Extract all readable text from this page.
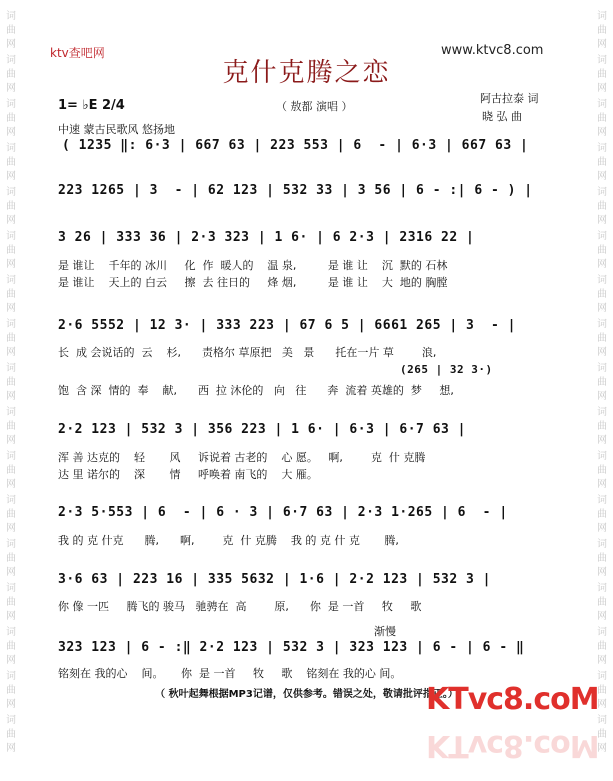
词曲网
词曲网
词曲网
词曲网
词曲网
词曲网
词曲网
词曲网
词曲网
词曲网
词曲网
词曲网
词曲网
词曲网
词曲网
词曲网
词曲网
词曲网
词曲网
词曲网
词曲网
词曲网
词曲网
词曲网
词曲网
词曲网
词曲网
词曲网
词曲网
词曲网
词曲网
词曲网
词曲网
词曲网
ktv查吧网	www.ktvc8.com
克什克腾之恋
（ 敖都 演唱 ）
1= ♭E 2/4
中速 蒙古民歌风 悠扬地
阿古拉泰 词
晓 弘 曲
( 1235 ‖: 6·3 | 667 63 | 223 553 | 6  - | 6·3 | 667 63 |
223 1265 | 3  - | 62 123 | 532 33 | 3 56 | 6 - :| 6 - ) |
3 26 | 333 36 | 2·3 323 | 1 6· | 6 2·3 | 2316 22 |
是 谁让    千年的 冰川     化  作  暖人的    温 泉,         是 谁 让    沉  默的 石林
是 谁让    天上的 白云     擦  去 往日的     烽 烟,         是 谁 让    大  地的 胸膛
2·6 5552 | 12 3· | 333 223 | 67 6 5 | 6661 265 | 3  - |
长  成 会说话的  云    杉,      责格尔 草原把   美   景      托在一片 草        浪,
(265 | 32 3·)
饱  含 深  情的  奉    献,      西  拉 沐伦的   向   往      奔  流着 英雄的  梦     想,
2·2 123 | 532 3 | 356 223 | 1 6· | 6·3 | 6·7 63 |
浑 善 达克的    轻       风     诉说着 古老的    心 愿。   啊,        克  什 克腾
达 里 诺尔的    深       情     呼唤着 南飞的    大 雁。
2·3 5·553 | 6  - | 6 · 3 | 6·7 63 | 2·3 1·265 | 6  - |
我 的 克 什克      腾,      啊,        克  什 克腾    我 的 克 什 克       腾,
3·6 63 | 223 16 | 335 5632 | 1·6 | 2·2 123 | 532 3 |
你 像 一匹     腾飞的 骏马   驰骋在  高        原,      你  是 一首     牧     歌
渐慢
323 123 | 6 - :‖ 2·2 123 | 532 3 | 323 123 | 6 - | 6 - ‖
铭刻在 我的心    间。     你  是 一首     牧     歌    铭刻在 我的心 间。
（ 秋叶起舞根据MP3记谱，仅供参考。错误之处，敬请批评指正。）
KTvc8.coM
KTvc8.coM
